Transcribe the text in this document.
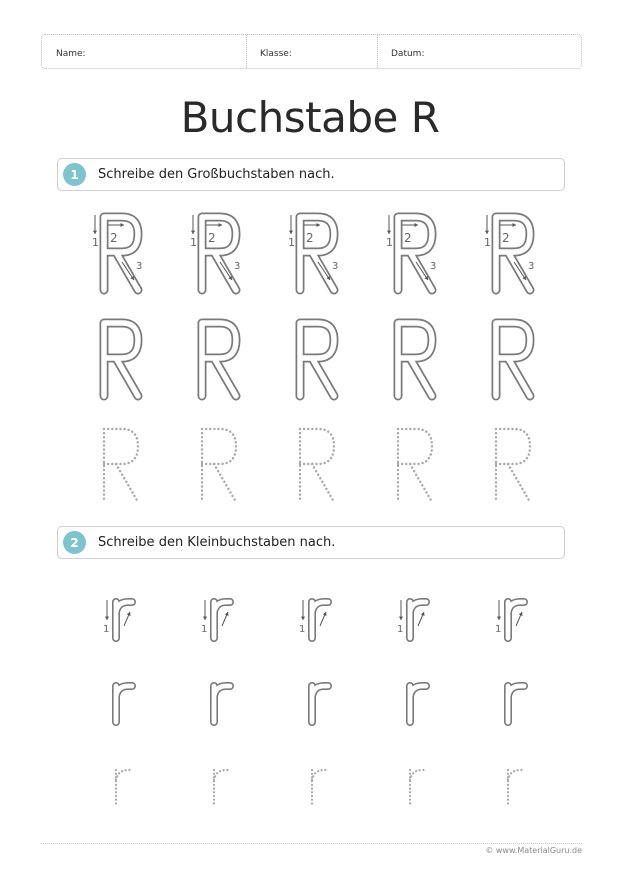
Name:	Klasse:	Datum:
Buchstabe R
1	Schreibe den Großbuchstaben nach.
1 2
3
1 2
3
1 2
3
1 2
3
1 2
3
2	Schreibe den Kleinbuchstaben nach.
1	1	1	1	1
© www.MaterialGuru.de
